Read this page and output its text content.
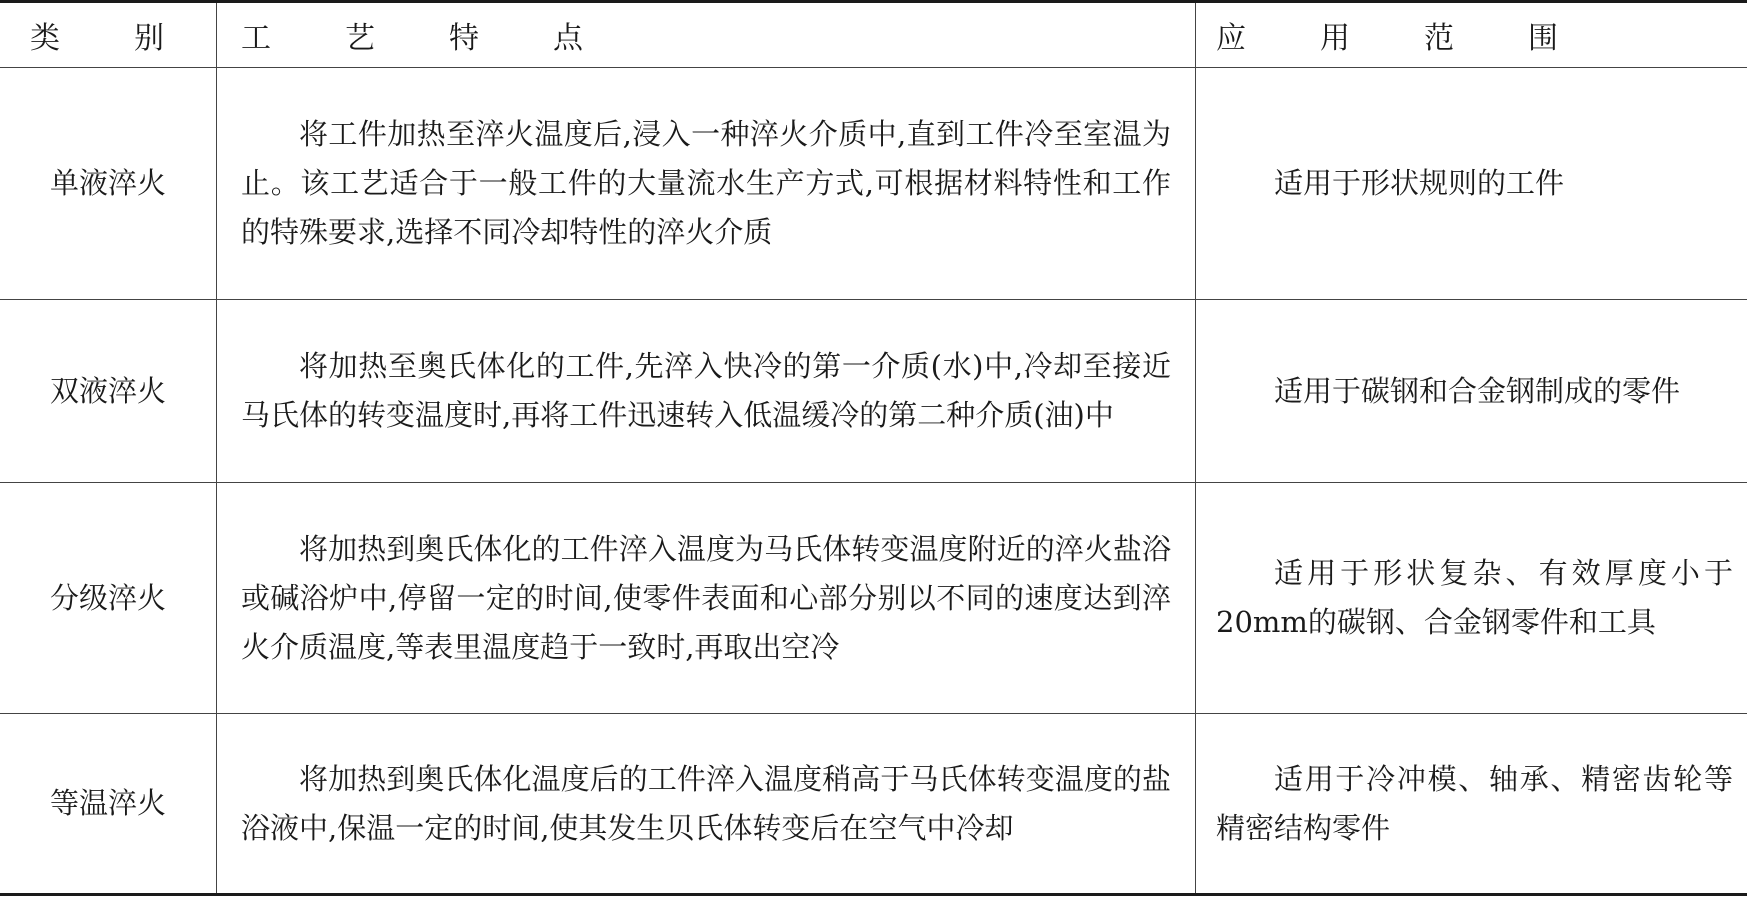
类　别	工　艺　特　点	应　用　范　围
单液淬火	将工件加热至淬火温度后,浸入一种淬火介质中,直到工件冷至室温为止。该工艺适合于一般工件的大量流水生产方式,可根据材料特性和工作的特殊要求,选择不同冷却特性的淬火介质	适用于形状规则的工件

双液淬火	将加热至奥氏体化的工件,先淬入快冷的第一介质(水)中,冷却至接近马氏体的转变温度时,再将工件迅速转入低温缓冷的第二种介质(油)中	适用于碳钢和合金钢制成的零件

分级淬火	将加热到奥氏体化的工件淬入温度为马氏体转变温度附近的淬火盐浴或碱浴炉中,停留一定的时间,使零件表面和心部分别以不同的速度达到淬火介质温度,等表里温度趋于一致时,再取出空冷	适用于形状复杂、有效厚度小于20mm的碳钢、合金钢零件和工具

等温淬火	将加热到奥氏体化温度后的工件淬入温度稍高于马氏体转变温度的盐浴液中,保温一定的时间,使其发生贝氏体转变后在空气中冷却	适用于冷冲模、轴承、精密齿轮等精密结构零件
